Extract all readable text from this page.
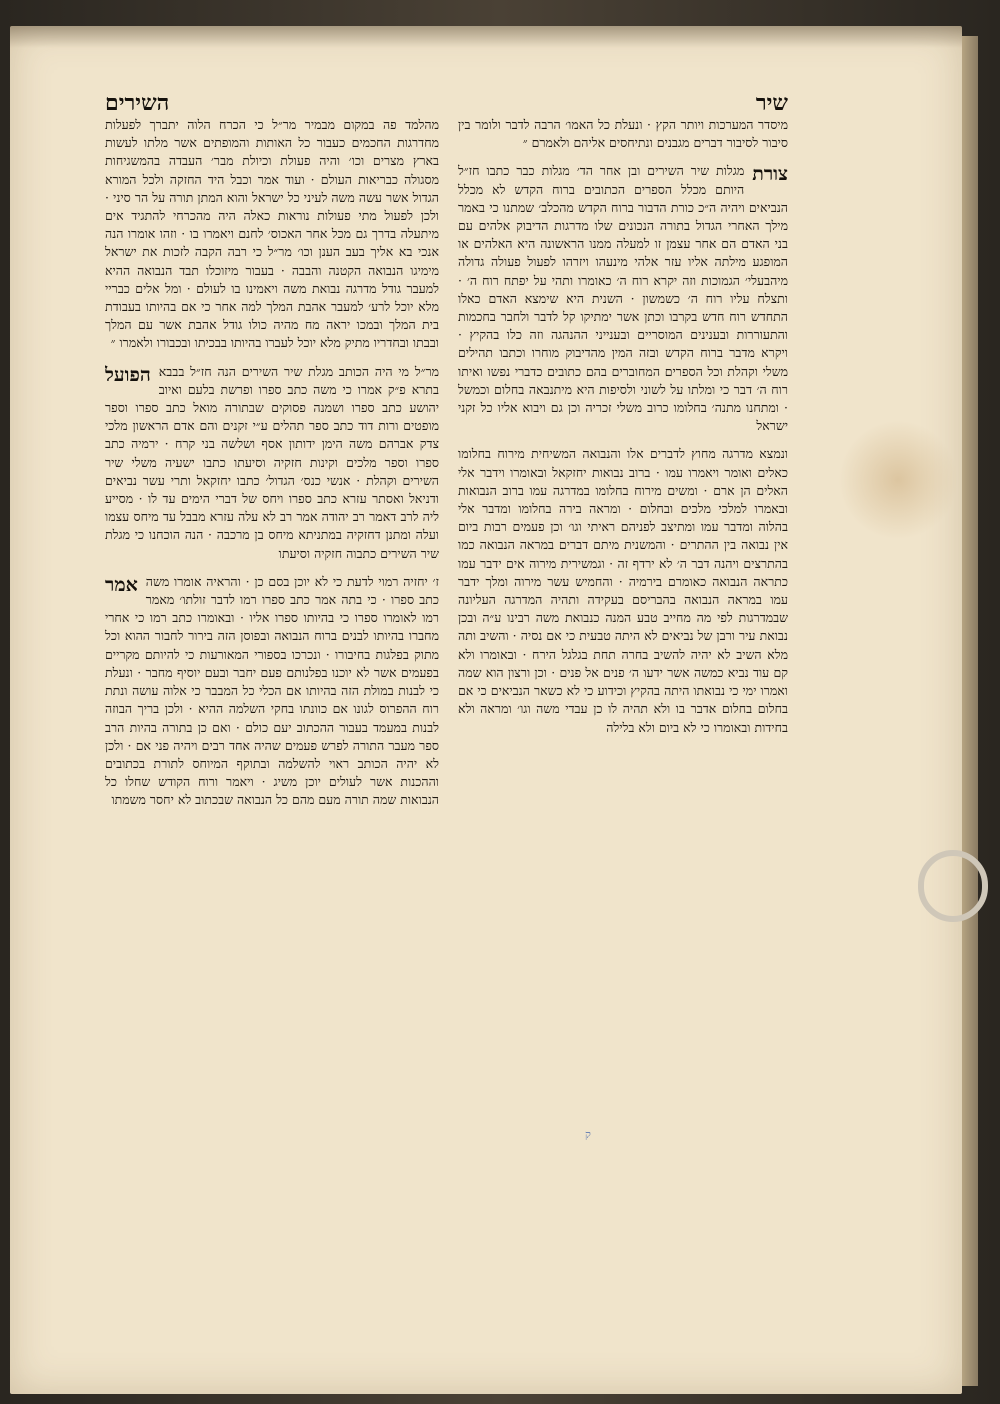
שיר

מיסדר המערכות ויותר הקץ · ונעלת כל האמו׳ הרבה לדבר ולומר בין סיבור לסיבור דברים מגבנים ונתיחסים אליהם ולאמרם ״

צורת

מגלות שיר השירים ובן אחר הד׳ מגלות כבר כתבו חז״ל היותם מכלל הספרים הכתובים ברוח הקדש לא מכלל הנביאים ויהיה ה״כ כורת הדבור ברוח הקדש מהכלב׳ שמתנו כי באמר מילך האחרי הגדול בתורה הנכונים שלו מדרגות הדיבוק אלהים עם בני האדם הם אחר עצמן זו למעלה ממנו הראשונה היא האלהים או המופגע מילתה אליו עזר אלהי מינעהו ויזרהו לפעול פעולה גדולה מיהבעלי׳ הגמוכות וזה יקרא רוח ה׳ כאומרו ותהי על יפתח רוח ה׳ · ותצלח עליו רוח ה׳ כשמשון · השנית היא שימצא האדם כאלו התחדש רוח חדש בקרבו וכתן אשר ימתיקו קל לדבר ולחבר בחכמות והתעוררות ובענינים המוסריים ובענייני ההנהגה וזה כלו בהקיץ · ויקרא מדבר ברוח הקדש ובזה המין מהדיבוק מוחרו וכתבו תהילים משלי וקהלת וכל הספרים המחוברים בהם כתובים כדברי נפשו ואיתו רוח ה׳ דבר כי ומלתו על לשוני ולסיפות היא מיתנבאה בחלום וכמשל · ומתחנו מתנה׳ בחלומו כרוב משלי זכריה וכן גם ויבוא אליו כל זקני ישראל

ונמצא מדרגה מחוץ לדברים אלו והנבואה המשיחית מירוח בחלומו כאלים ואומר ויאמרו עמו · ברוב נבואות יחזקאל ובאומרו וידבר אלי האלים הן ארם · ומשים מירוח בחלומו במדרגה עמו ברוב הנבואות ובאמרו למלכי מלכים ובחלום · ומראה בירה בחלומו ומדבר אלי בהלוה ומדבר עמו ומתיצב לפניהם ראיתי וגו׳ וכן פעמים רבות ביום אין נבואה בין ההתרים · והמשנית מיתם דברים במראה הנבואה כמו בהתרצים ויהנה דבר ה׳ לא ירדף זה · וגמשירית מירוה אים ידבר עמו כתראה הנבואה כאומרם בירמיה · והחמיש עשר מירוה ומלך ידבר עמו במראה הנבואה בהבריסם בעקידה ותהיה המדרגה העליונה שבמדרגות לפי מה מחייב טבע המנה כנבואת משה רבינו ע״ה ובכן נבואת עיר ורבן של נביאים לא היתה טבעית כי אם נסיה · והשיב ותה מלא השיב לא יהיה להשיב בחרה תחת בגלגל הירח · ובאומרו ולא קם עוד נביא כמשה אשר ידעו ה׳ פנים אל פנים · וכן ורצון הוא שמה ואמרו ימי כי נבואתו היתה בהקיץ וכידוע כי לא כשאר הנביאים כי אם בחלום בחלום אדבר בו ולא תהיה לו כן עבדי משה וגו׳ ומראה ולא בחידות ובאומרו כי לא ביום ולא בלילה

השירים

מהלמד פה במקום מבמיר מר״ל כי הכרח הלוה יתברך לפעלות מחדרגות החכמים כעבור כל האותות והמופתים אשר מלתו לעשות בארץ מצרים וכו׳ והיה פעולת וכיולת מבר׳ העבדה בהמשגיחות מסגולה כבריאות העולם · ועוד אמר וכבל היד החזקה ולכל המורא הגדול אשר עשה משה לעיני כל ישראל והוא המתן תורה על הר סיני · ולכן לפעול מתי פעולות נוראות כאלה היה מהכרחי להתגיד אים מיתעלה בדרך גם מכל אחר האכוס׳ לחנם ויאמרו בו · וזהו אומרו הנה אנכי בא אליך בעב הענן וכו׳ מר״ל כי רבה הקבה לזכות את ישראל מימיגו הנבואה הקטנה והבבה · בעבור מיזוכלו תבד הנבואה ההיא למעבר גודל מדרגה נבואת משה ויאמינו בו לעולם · ומל אלים כבריי מלא יוכל לרע׳ למעבר אהבת המלך למה אחר כי אם בהיותו בעבודת בית המלך ובמכו יראה מח מהיה כולו גודל אהבת אשר עם המלך ובבתו ובחדריו מתיק מלא יוכל לעברו בהיותו בבכיתו ובכבורו ולאמרו ״

הפועל מר״ל מי היה הכותב מגלת שיר השירים הנה חז״ל בבבא בתרא פ״ק אמרו כי משה כתב ספרו ופרשת בלעם ואיוב יהושע כתב ספרו ושמנה פסוקים שבתורה מואל כתב ספרו וספר מופטים ורות דוד כתב ספר תהלים ע״י זקנים והם אדם הראשון מלכי צדק אברהם משה הימן ידותון אסף ושלשה בני קרח · ירמיה כתב ספרו וספר מלכים וקינות חזקיה וסיעתו כתבו ישעיה משלי שיר השירים וקהלת · אנשי כנס׳ הגדול׳ כתבו יחזקאל ותרי עשר נביאים ודניאל ואסתר עזרא כתב ספרו ויחס של דברי הימים עד לו · מסייע ליה לרב דאמר רב יהודה אמר רב לא עלה עזרא מבבל עד מיחס עצמו ועלה ומתנן דחזקיה במתניתא מיחס בן מרכבה · הנה הוכחנו כי מגלת שיר השירים כתבוה חזקיה וסיעתו

אמר ז׳ יחזיה רמוי לדעת כי לא יוכן בסם כן · והראיה אומרו משה כתב ספרו · כי בתה אמר כתב ספרו רמו לדבר זולתו׳ מאמר רמו לאומרו ספרו כי בהיותו ספרו אליו · ובאומרו כתב רמו כי אחרי מחברו בהיותו לבנים ברוח הנבואה ובפוסן הזה בירור לחבור ההוא וכל מתוק בפלגות בחיבורו · ונכרכו בספורי המאורעות כי להיותם מקריים בפעמים אשר לא יוכנו בפלנותם פעם יחבר ובעם יוסיף מחבר · ונעלת כי לבנות במולת הזה בהיותו אם הכלי כל המבבר כי אלוה עושה ונתת רוח ההפרוס לגונו אם כוונתו בחקי השלמה ההיא · ולכן בריך הבוזה לבנות במעמד בעבור ההכתוב יעם כולם · ואם כן בתורה בהיות הרב ספר מעבר התורה לפרש פעמים שהיה אחד רבים ויהיה פני אם · ולכן לא יהיה הכותב ראוי להשלמה ובתוקף המיוחס לתורת בכתובים וההכנות אשר לעולים יוכן משיג · ויאמר ורוח הקודש שחלו כל הנבואות שמה תורה מעם מהם כל הנבואה שבכתוב לא יחסר משמתו

ק
